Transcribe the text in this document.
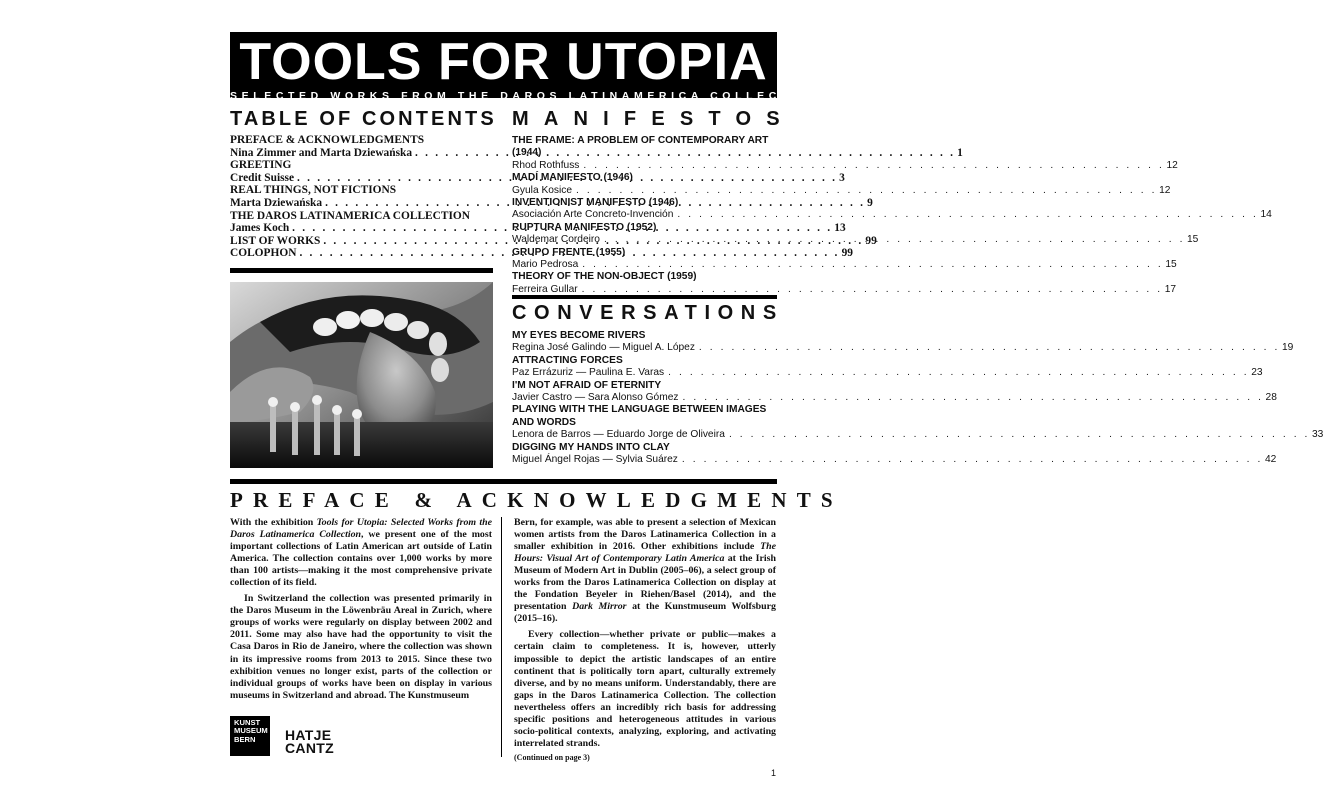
TOOLS FOR UTOPIA
SELECTED WORKS FROM THE DAROS LATINAMERICA COLLECTION
TABLE OF CONTENTS MANIFESTOS
PREFACE & ACKNOWLEDGMENTS
Nina Zimmer and Marta Dziewańska . . .	1
GREETING
Credit Suisse . . .	3
REAL THINGS, NOT FICTIONS
Marta Dziewańska . . .	9
THE DAROS LATINAMERICA COLLECTION
James Koch . . .	13
LIST OF WORKS . . .	99
COLOPHON . . .	99
THE FRAME: A PROBLEM OF CONTEMPORARY ART (1944)
Rhod Rothfuss . . .	12
MADÍ MANIFESTO (1946)
Gyula Kosice . . .	12
INVENTIONIST MANIFESTO (1946)
Asociación Arte Concreto-Invención . . .	14
RUPTURA MANIFESTO (1952)
Waldemar Cordeiro . . .	15
GRUPO FRENTE (1955)
Mario Pedrosa . . .	15
THEORY OF THE NON-OBJECT (1959)
Ferreira Gullar . . .	17
CONVERSATIONS
MY EYES BECOME RIVERS
Regina José Galindo — Miguel A. López . . .	19
ATTRACTING FORCES
Paz Errázuriz — Paulina E. Varas . . .	23
I'M NOT AFRAID OF ETERNITY
Javier Castro — Sara Alonso Gómez . . .	28
PLAYING WITH THE LANGUAGE BETWEEN IMAGES AND WORDS
Lenora de Barros — Eduardo Jorge de Oliveira . . .	33
DIGGING MY HANDS INTO CLAY
Miguel Ángel Rojas — Sylvia Suárez . . .	42
PREFACE & ACKNOWLEDGMENTS

With the exhibition Tools for Utopia: Selected Works from the Daros Latinamerica Collection, we present one of the most important collections of Latin American art outside of Latin America. The collection contains over 1,000 works by more than 100 artists—making it the most comprehensive private collection of its field.

In Switzerland the collection was presented primarily in the Daros Museum in the Löwenbräu Areal in Zurich, where groups of works were regularly on display between 2002 and 2011. Some may also have had the opportunity to visit the Casa Daros in Rio de Janeiro, where the collection was shown in its impressive rooms from 2013 to 2015. Since these two exhibition venues no longer exist, parts of the collection or individual groups of works have been on display in various museums in Switzerland and abroad. The Kunstmuseum

Bern, for example, was able to present a selection of Mexican women artists from the Daros Latinamerica Collection in a smaller exhibition in 2016. Other exhibitions include The Hours: Visual Art of Contemporary Latin America at the Irish Museum of Modern Art in Dublin (2005–06), a select group of works from the Daros Latinamerica Collection on display at the Fondation Beyeler in Riehen/Basel (2014), and the presentation Dark Mirror at the Kunstmuseum Wolfsburg (2015–16).

Every collection—whether private or public—makes a certain claim to completeness. It is, however, utterly impossible to depict the artistic landscapes of an entire continent that is politically torn apart, culturally extremely diverse, and by no means uniform. Understandably, there are gaps in the Daros Latinamerica Collection. The collection nevertheless offers an incredibly rich basis for addressing specific positions and heterogeneous attitudes in various socio-political contexts, analyzing, exploring, and activating interrelated strands.

(Continued on page 3)
KUNST
MUSEUM
BERN	HATJE
CANTZ
1
